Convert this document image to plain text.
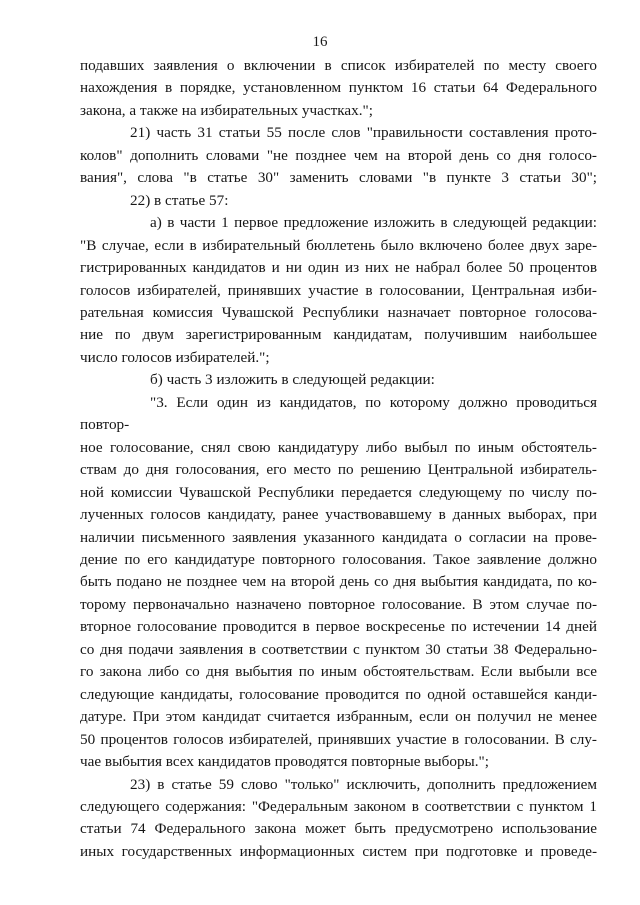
16

подавших заявления о включении в список избирателей по месту своего

нахождения в порядке, установленном пунктом 16 статьи 64 Федерального

закона, а также на избирательных участках.";

21) часть 31 статьи 55 после слов "правильности составления прото-

колов" дополнить словами "не позднее чем на второй день со дня голосо-

вания", слова "в статье 30" заменить словами "в пункте 3 статьи 30";

22) в статье 57:

а) в части 1 первое предложение изложить в следующей редакции:

"В случае, если в избирательный бюллетень было включено более двух заре-

гистрированных кандидатов и ни один из них не набрал более 50 процентов

голосов избирателей, принявших участие в голосовании, Центральная изби-

рательная комиссия Чувашской Республики назначает повторное голосова-

ние по двум зарегистрированным кандидатам, получившим наибольшее

число голосов избирателей.";

б) часть 3 изложить в следующей редакции:

"3. Если один из кандидатов, по которому должно проводиться повтор-

ное голосование, снял свою кандидатуру либо выбыл по иным обстоятель-

ствам до дня голосования, его место по решению Центральной избиратель-

ной комиссии Чувашской Республики передается следующему по числу по-

лученных голосов кандидату, ранее участвовавшему в данных выборах, при

наличии письменного заявления указанного кандидата о согласии на прове-

дение по его кандидатуре повторного голосования. Такое заявление должно

быть подано не позднее чем на второй день со дня выбытия кандидата, по ко-

торому первоначально назначено повторное голосование. В этом случае по-

вторное голосование проводится в первое воскресенье по истечении 14 дней

со дня подачи заявления в соответствии с пунктом 30 статьи 38 Федерально-

го закона либо со дня выбытия по иным обстоятельствам. Если выбыли все

следующие кандидаты, голосование проводится по одной оставшейся канди-

датуре. При этом кандидат считается избранным, если он получил не менее

50 процентов голосов избирателей, принявших участие в голосовании. В слу-

чае выбытия всех кандидатов проводятся повторные выборы.";

23) в статье 59 слово "только" исключить, дополнить предложением

следующего содержания: "Федеральным законом в соответствии с пунктом 1

статьи 74 Федерального закона может быть предусмотрено использование

иных государственных информационных систем при подготовке и проведе-
